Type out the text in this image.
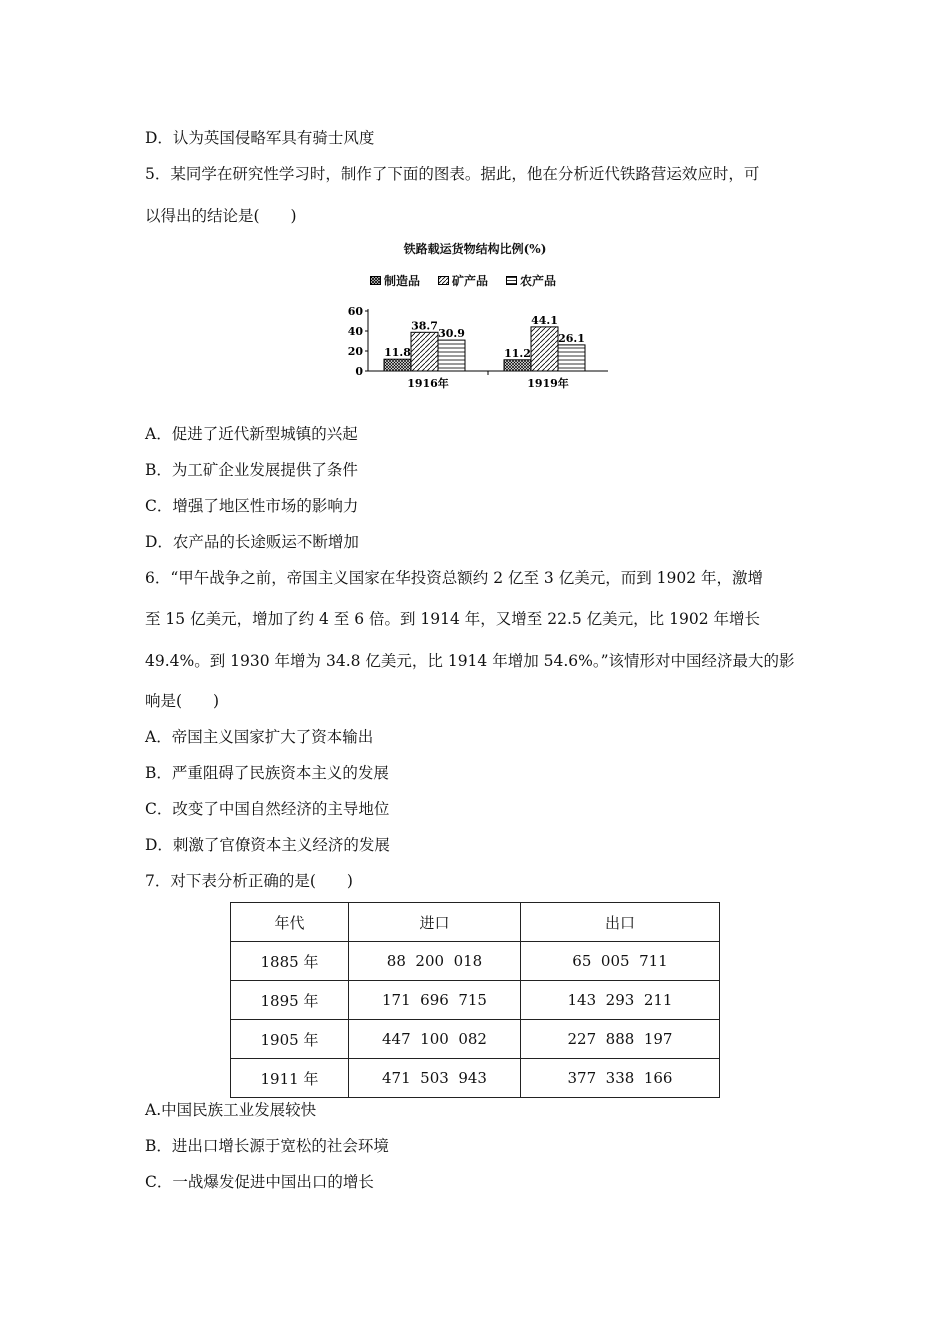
D．认为英国侵略军具有骑士风度
5．某同学在研究性学习时，制作了下面的图表。据此，他在分析近代铁路营运效应时，可
以得出的结论是(　　)
铁路载运货物结构比例(%)
制造品	矿产品	农产品
0
20
40
60
11.8
38.7
30.9
1916年
11.2
44.1
26.1
1919年
A．促进了近代新型城镇的兴起
B．为工矿企业发展提供了条件
C．增强了地区性市场的影响力
D．农产品的长途贩运不断增加
6．“甲午战争之前，帝国主义国家在华投资总额约 2 亿至 3 亿美元，而到 1902 年，激增
至 15 亿美元，增加了约 4 至 6 倍。到 1914 年，又增至 22.5 亿美元，比 1902 年增长
49.4%。到 1930 年增为 34.8 亿美元，比 1914 年增加 54.6%。”该情形对中国经济最大的影
响是(　　)
A．帝国主义国家扩大了资本输出
B．严重阻碍了民族资本主义的发展
C．改变了中国自然经济的主导地位
D．刺激了官僚资本主义经济的发展
7．对下表分析正确的是(　　)
年代	进口	出口
1885 年	88  200  018	65  005  711
1895 年	171  696  715	143  293  211
1905 年	447  100  082	227  888  197
1911 年	471  503  943	377  338  166
A.中国民族工业发展较快
B．进出口增长源于宽松的社会环境
C．一战爆发促进中国出口的增长
